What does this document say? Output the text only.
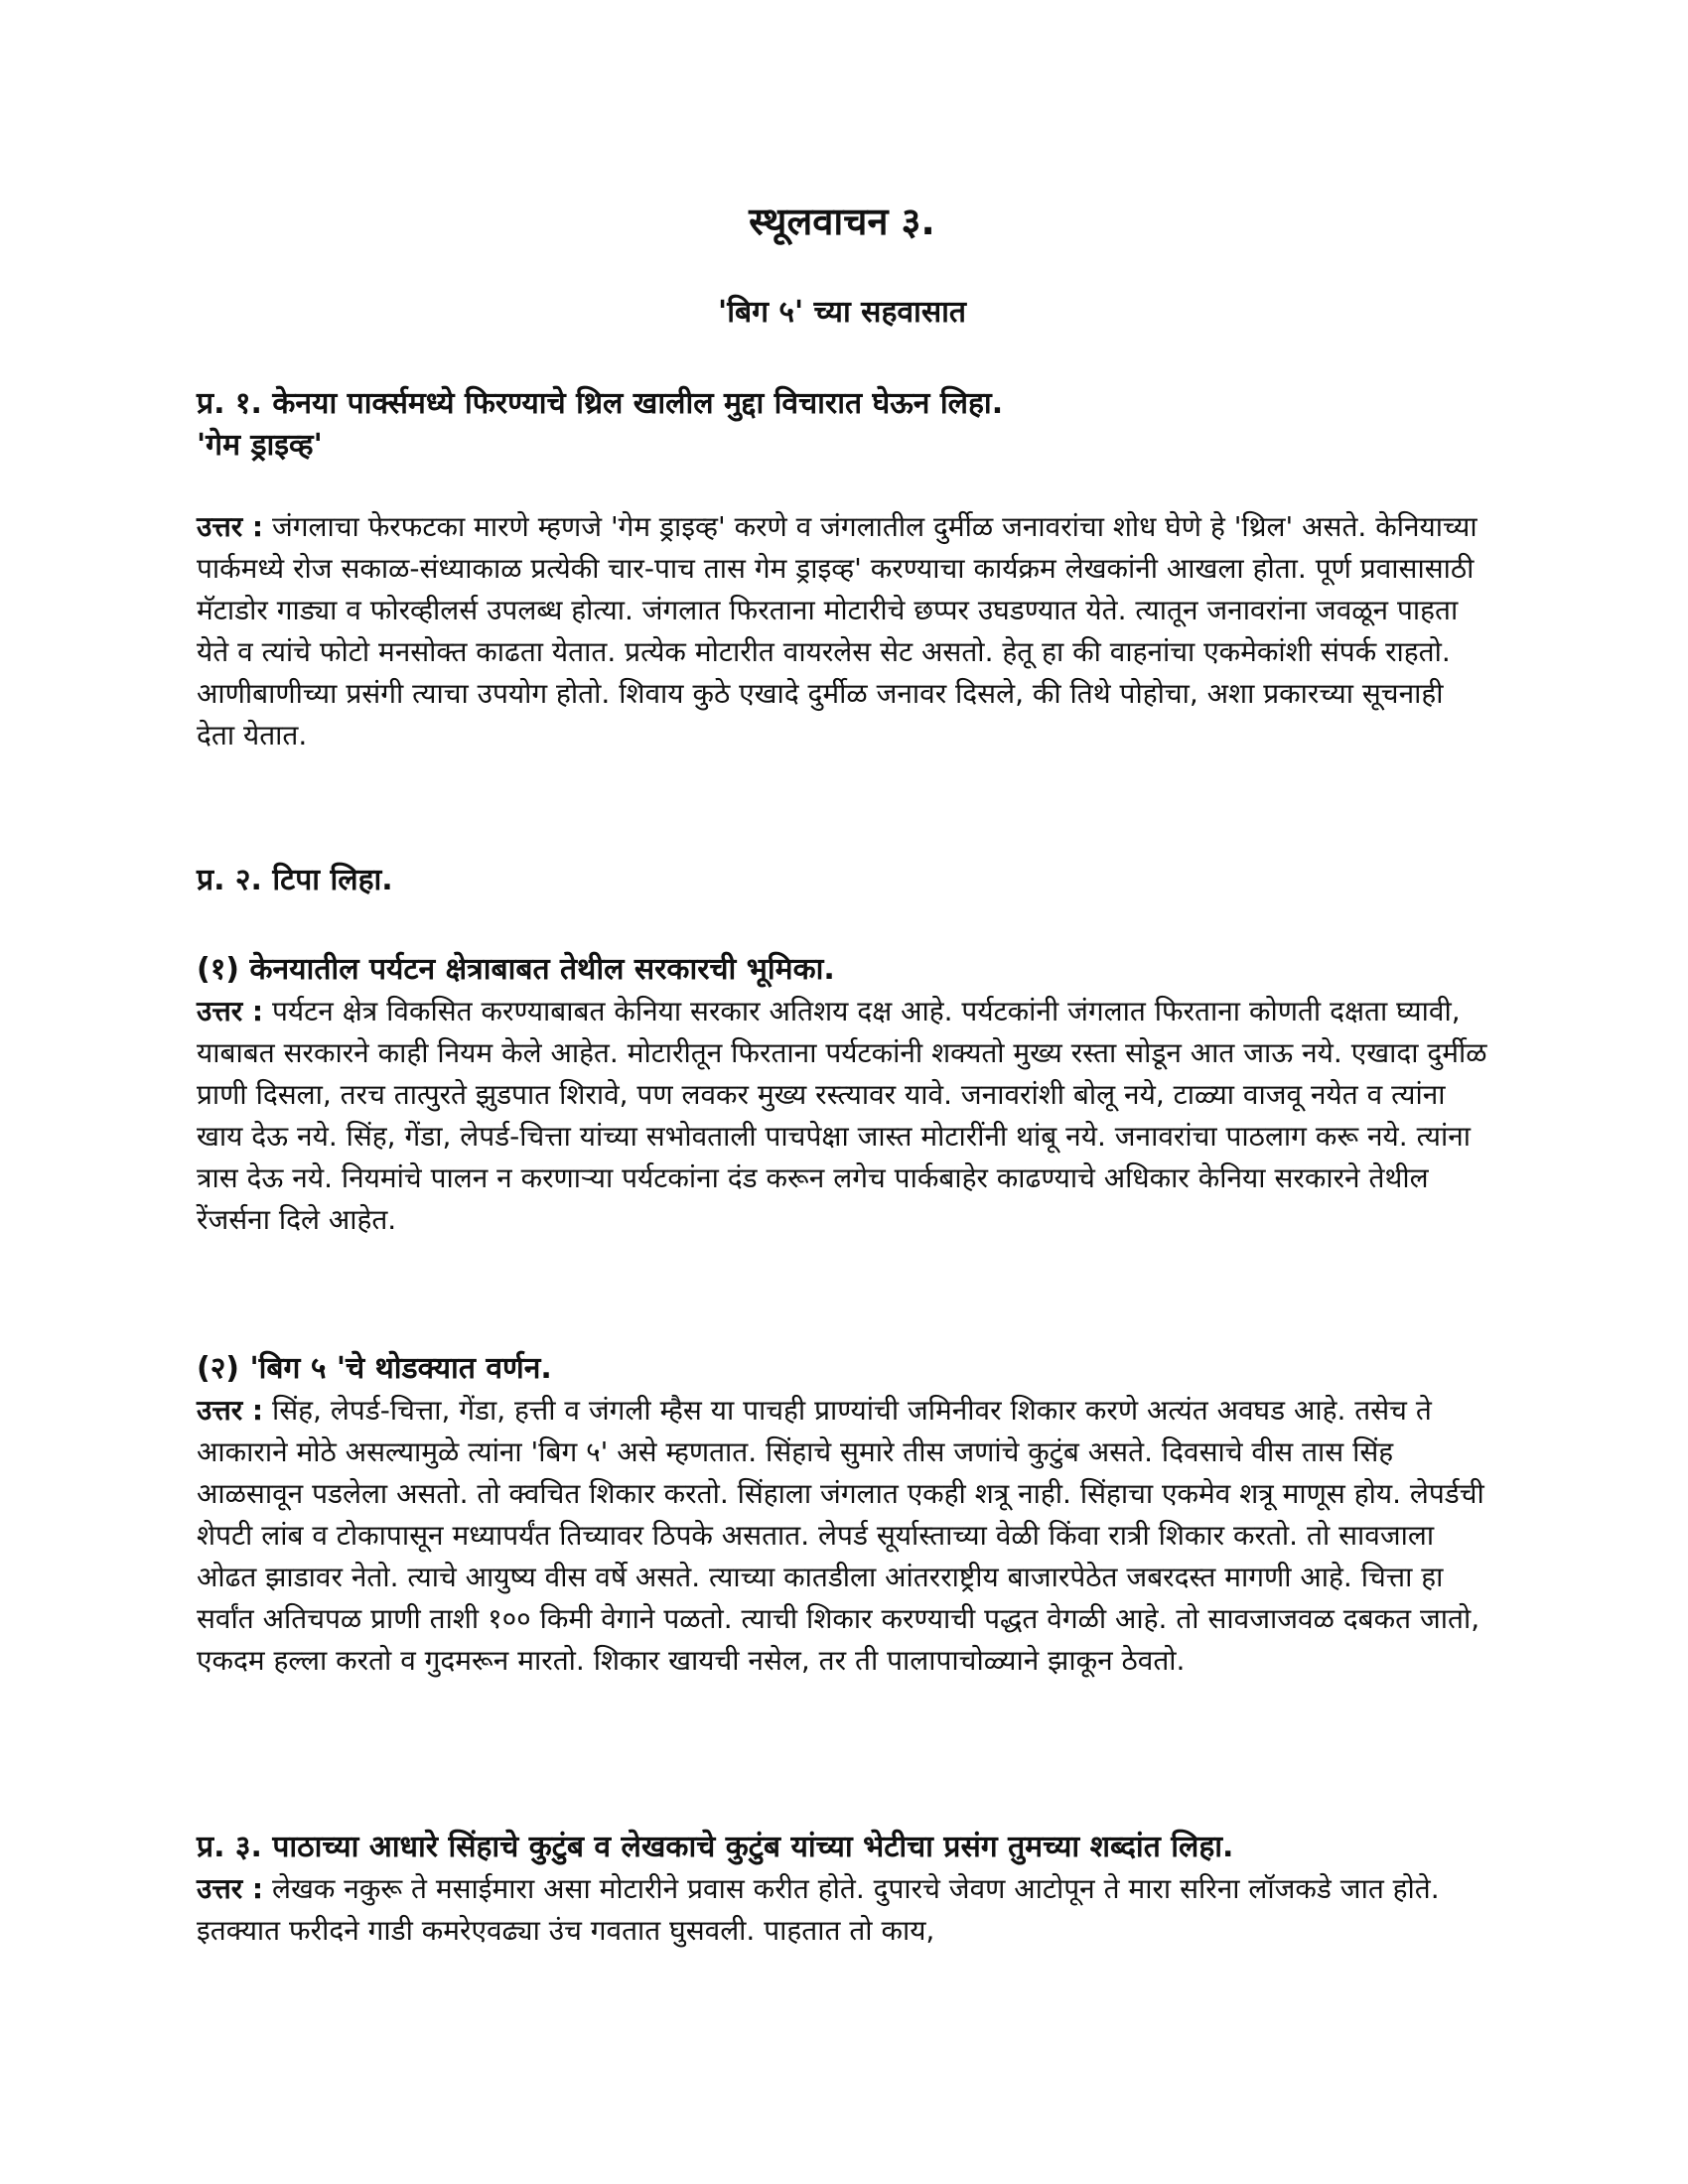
स्थूलवाचन ३.
'बिग ५' च्या सहवासात
प्र. १. केनया पार्क्समध्ये फिरण्याचे थ्रिल खालील मुद्दा विचारात घेऊन लिहा.
'गेम ड्राइव्ह'
उत्तर : जंगलाचा फेरफटका मारणे म्हणजे 'गेम ड्राइव्ह' करणे व जंगलातील दुर्मीळ जनावरांचा शोध घेणे हे 'थ्रिल' असते. केनियाच्या पार्कमध्ये रोज सकाळ-संध्याकाळ प्रत्येकी चार-पाच तास गेम ड्राइव्ह' करण्याचा कार्यक्रम लेखकांनी आखला होता. पूर्ण प्रवासासाठी मॅटाडोर गाड्या व फोरव्हीलर्स उपलब्ध होत्या. जंगलात फिरताना मोटारीचे छप्पर उघडण्यात येते. त्यातून जनावरांना जवळून पाहता येते व त्यांचे फोटो मनसोक्त काढता येतात. प्रत्येक मोटारीत वायरलेस सेट असतो. हेतू हा की वाहनांचा एकमेकांशी संपर्क राहतो. आणीबाणीच्या प्रसंगी त्याचा उपयोग होतो. शिवाय कुठे एखादे दुर्मीळ जनावर दिसले, की तिथे पोहोचा, अशा प्रकारच्या सूचनाही देता येतात.
प्र. २. टिपा लिहा.
(१) केनयातील पर्यटन क्षेत्राबाबत तेथील सरकारची भूमिका.
उत्तर : पर्यटन क्षेत्र विकसित करण्याबाबत केनिया सरकार अतिशय दक्ष आहे. पर्यटकांनी जंगलात फिरताना कोणती दक्षता घ्यावी, याबाबत सरकारने काही नियम केले आहेत. मोटारीतून फिरताना पर्यटकांनी शक्यतो मुख्य रस्ता सोडून आत जाऊ नये. एखादा दुर्मीळ प्राणी दिसला, तरच तात्पुरते झुडपात शिरावे, पण लवकर मुख्य रस्त्यावर यावे. जनावरांशी बोलू नये, टाळ्या वाजवू नयेत व त्यांना खाय देऊ नये. सिंह, गेंडा, लेपर्ड-चित्ता यांच्या सभोवताली पाचपेक्षा जास्त मोटारींनी थांबू नये. जनावरांचा पाठलाग करू नये. त्यांना त्रास देऊ नये. नियमांचे पालन न करणाऱ्या पर्यटकांना दंड करून लगेच पार्कबाहेर काढण्याचे अधिकार केनिया सरकारने तेथील रेंजर्सना दिले आहेत.
(२) 'बिग ५ 'चे थोडक्यात वर्णन.
उत्तर : सिंह, लेपर्ड-चित्ता, गेंडा, हत्ती व जंगली म्हैस या पाचही प्राण्यांची जमिनीवर शिकार करणे अत्यंत अवघड आहे. तसेच ते आकाराने मोठे असल्यामुळे त्यांना 'बिग ५' असे म्हणतात. सिंहाचे सुमारे तीस जणांचे कुटुंब असते. दिवसाचे वीस तास सिंह आळसावून पडलेला असतो. तो क्वचित शिकार करतो. सिंहाला जंगलात एकही शत्रू नाही. सिंहाचा एकमेव शत्रू माणूस होय. लेपर्डची शेपटी लांब व टोकापासून मध्यापर्यंत तिच्यावर ठिपके असतात. लेपर्ड सूर्यास्ताच्या वेळी किंवा रात्री शिकार करतो. तो सावजाला ओढत झाडावर नेतो. त्याचे आयुष्य वीस वर्षे असते. त्याच्या कातडीला आंतरराष्ट्रीय बाजारपेठेत जबरदस्त मागणी आहे. चित्ता हा सर्वांत अतिचपळ प्राणी ताशी १०० किमी वेगाने पळतो. त्याची शिकार करण्याची पद्धत वेगळी आहे. तो सावजाजवळ दबकत जातो, एकदम हल्ला करतो व गुदमरून मारतो. शिकार खायची नसेल, तर ती पालापाचोळ्याने झाकून ठेवतो.
प्र. ३. पाठाच्या आधारे सिंहाचे कुटुंब व लेखकाचे कुटुंब यांच्या भेटीचा प्रसंग तुमच्या शब्दांत लिहा.
उत्तर : लेखक नकुरू ते मसाईमारा असा मोटारीने प्रवास करीत होते. दुपारचे जेवण आटोपून ते मारा सरिना लॉजकडे जात होते. इतक्यात फरीदने गाडी कमरेएवढ्या उंच गवतात घुसवली. पाहतात तो काय,
